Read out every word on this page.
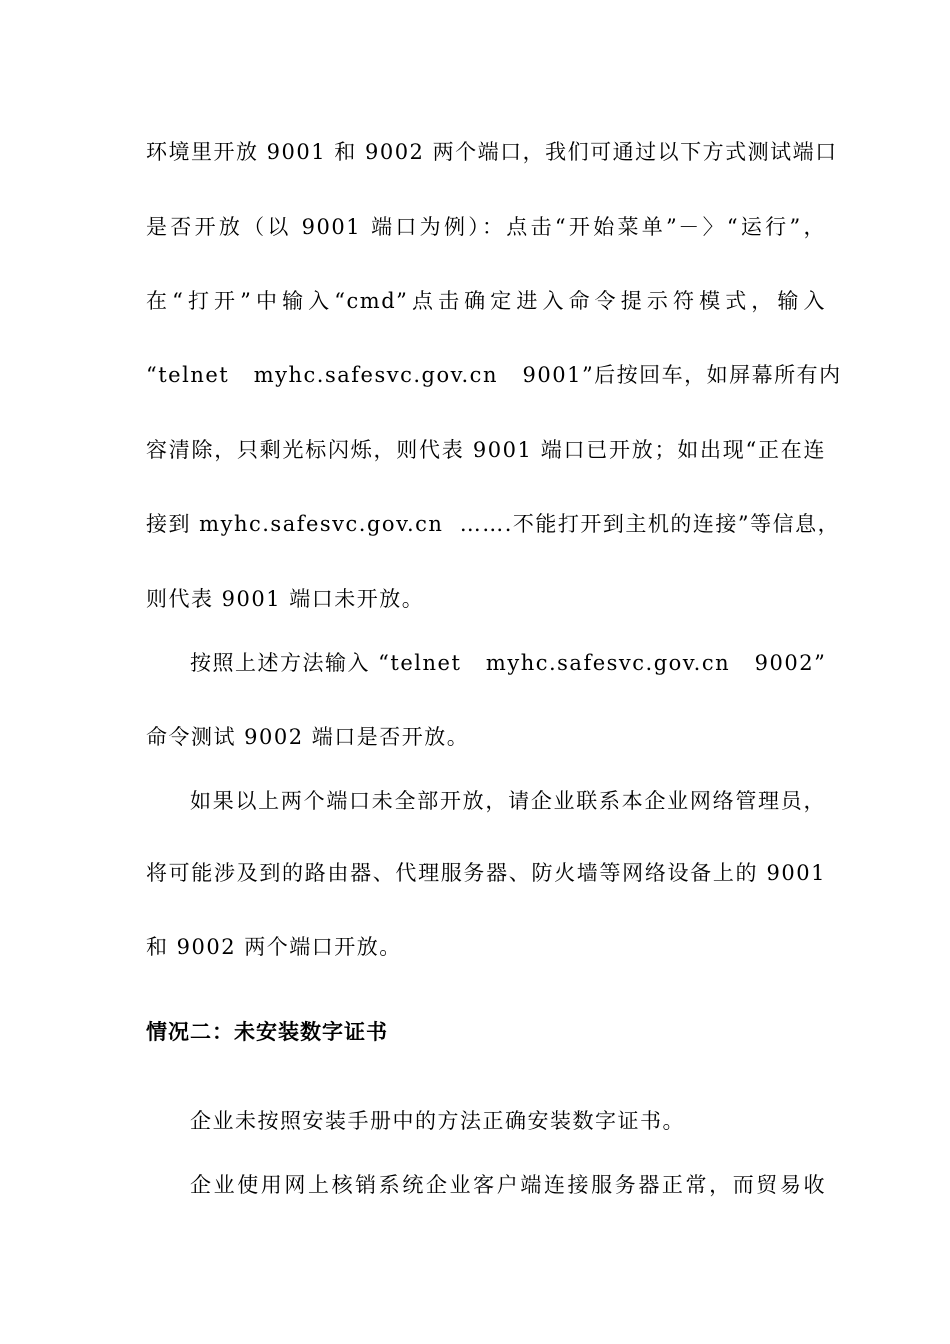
环境里开放 9001 和 9002 两个端口，我们可通过以下方式测试端口
是否开放（以 9001 端口为例）：点击“开始菜单”－〉“运行”，
在“打开”中输入“cmd”点击确定进入命令提示符模式，输入
“telnet   myhc.safesvc.gov.cn   9001”后按回车，如屏幕所有内
容清除，只剩光标闪烁，则代表 9001 端口已开放；如出现“正在连
接到 myhc.safesvc.gov.cn  …….不能打开到主机的连接”等信息，
则代表 9001 端口未开放。
按照上述方法输入 “telnet   myhc.safesvc.gov.cn   9002”
命令测试 9002 端口是否开放。
如果以上两个端口未全部开放，请企业联系本企业网络管理员，
将可能涉及到的路由器、代理服务器、防火墙等网络设备上的 9001
和 9002 两个端口开放。
情况二：未安装数字证书
企业未按照安装手册中的方法正确安装数字证书。
企业使用网上核销系统企业客户端连接服务器正常，而贸易收
